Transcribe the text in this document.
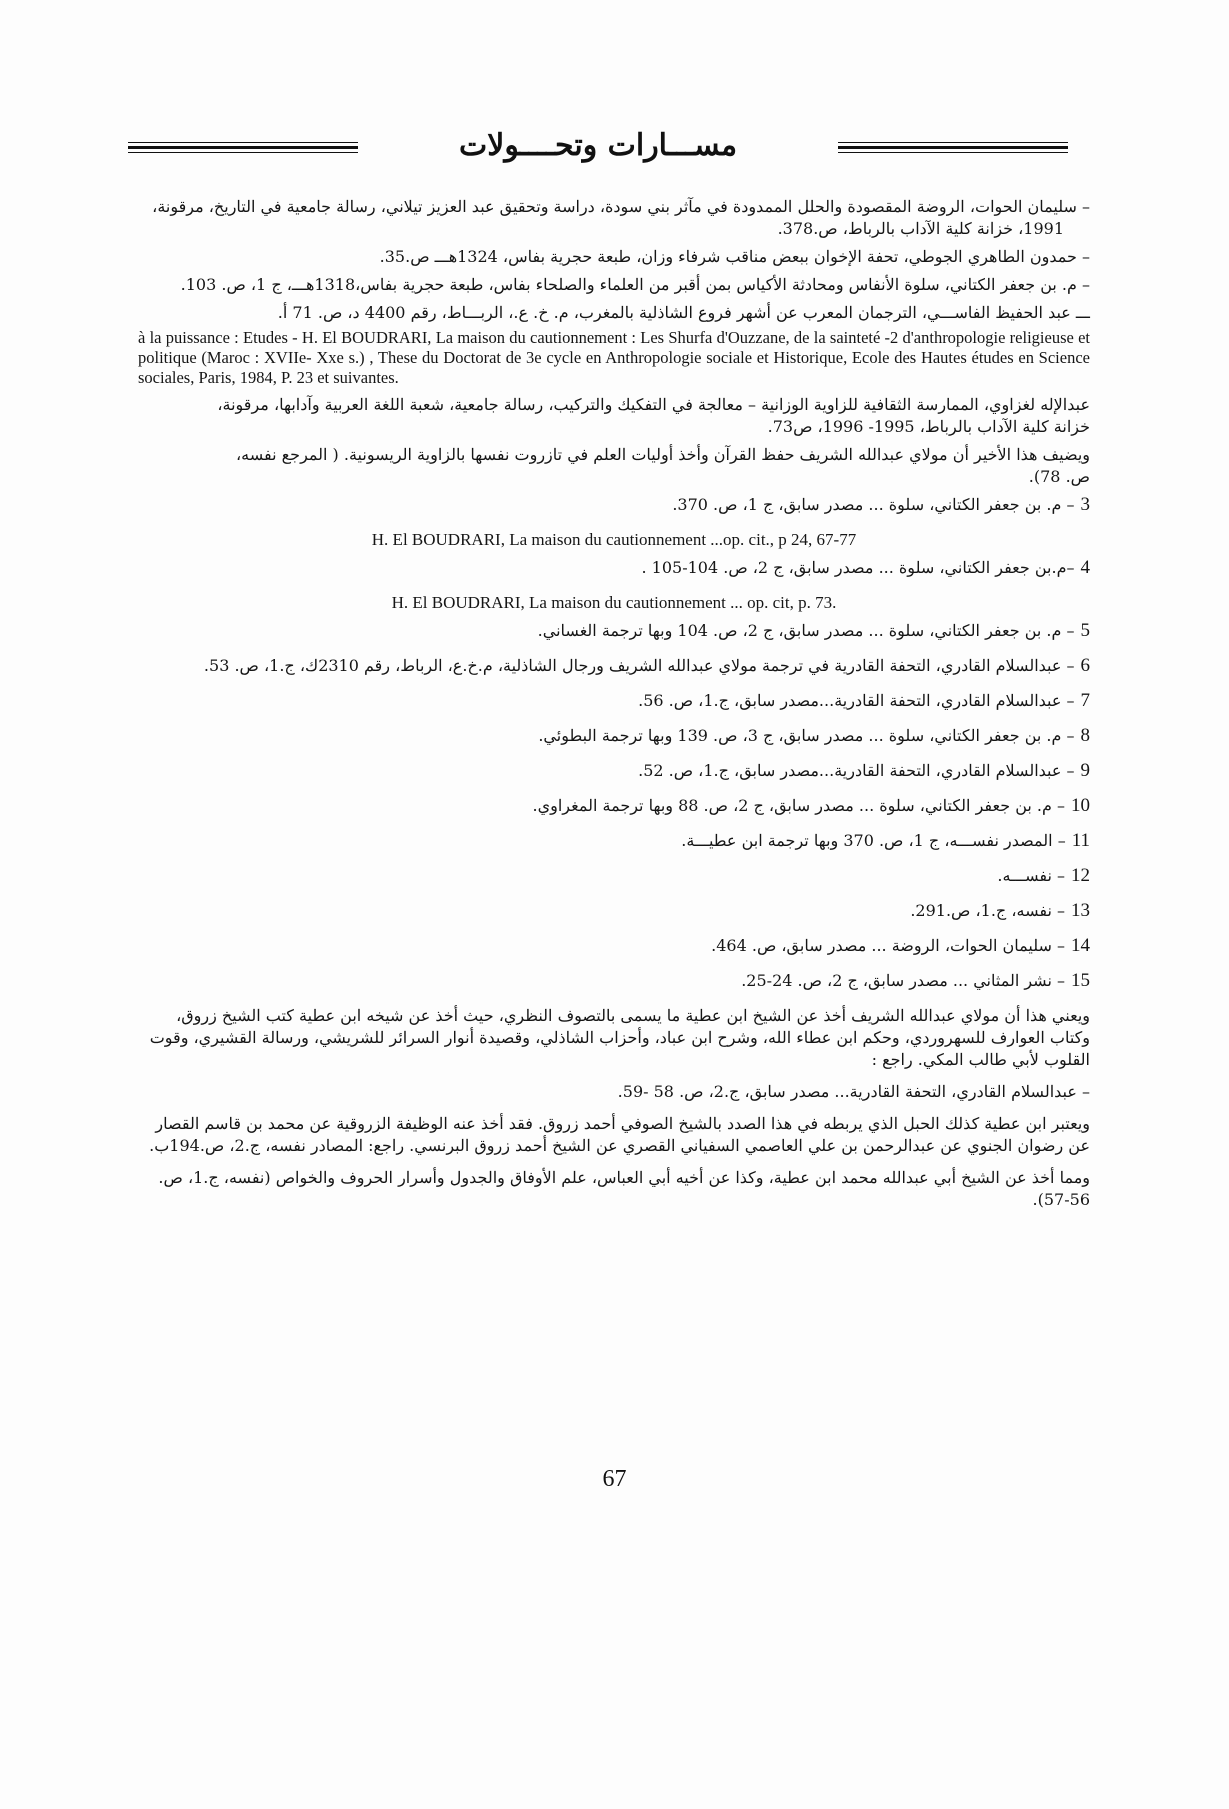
مســـارات وتحــــولات

– سليمان الحوات، الروضة المقصودة والحلل الممدودة في مآثر بني سودة، دراسة وتحقيق عبد العزيز تيلاني، رسالة جامعية في التاريخ، مرقونة،

1991، خزانة كلية الآداب بالرباط، ص.378.

– حمدون الطاهري الجوطي، تحفة الإخوان ببعض مناقب شرفاء وزان، طبعة حجرية بفاس، 1324هـــ ص.35.

– م. بن جعفر الكتاني، سلوة الأنفاس ومحادثة الأكياس بمن أقبر من العلماء والصلحاء بفاس، طبعة حجرية بفاس،1318هـــ، ج 1، ص. 103.

ـــ عبد الحفيظ الفاســـي، الترجمان المعرب عن أشهر فروع الشاذلية بالمغرب، م. خ. ع.، الربـــاط، رقم 4400 د، ص. 71 أ.

à la puissance : Etudes - H. El BOUDRARI, La maison du cautionnement : Les Shurfa d'Ouzzane, de la sainteté -2 d'anthropologie religieuse et politique (Maroc : XVIIe- Xxe s.) , These du Doctorat de 3e cycle en Anthropologie sociale et Historique, Ecole des Hautes études en Science sociales, Paris, 1984, P. 23 et suivantes.

عبدالإله لغزاوي، الممارسة الثقافية للزاوية الوزانية – معالجة في التفكيك والتركيب، رسالة جامعية، شعبة اللغة العربية وآدابها، مرقونة،

خزانة كلية الآداب بالرباط، 1995- 1996، ص73.

ويضيف هذا الأخير أن مولاي عبدالله الشريف حفظ القرآن وأخذ أوليات العلم في تازروت نفسها بالزاوية الريسونية. ( المرجع نفسه،

ص. 78).

3– م. بن جعفر الكتاني، سلوة ... مصدر سابق، ج 1، ص. 370.

H. El BOUDRARI, La maison du cautionnement ...op. cit., p 24, 67-77

4–م.بن جعفر الكتاني، سلوة ... مصدر سابق، ج 2، ص. 104-105 .

H. El BOUDRARI, La maison du cautionnement ... op. cit, p. 73.

5– م. بن جعفر الكتاني، سلوة ... مصدر سابق، ج 2، ص. 104 وبها ترجمة الغساني.

6– عبدالسلام القادري، التحفة القادرية في ترجمة مولاي عبدالله الشريف ورجال الشاذلية، م.خ.ع، الرباط، رقم 2310ك، ج.1، ص. 53.

7– عبدالسلام القادري، التحفة القادرية...مصدر سابق، ج.1، ص. 56.

8– م. بن جعفر الكتاني، سلوة ... مصدر سابق، ج 3، ص. 139 وبها ترجمة البطوئي.

9– عبدالسلام القادري، التحفة القادرية...مصدر سابق، ج.1، ص. 52.

10– م. بن جعفر الكتاني، سلوة ... مصدر سابق، ج 2، ص. 88 وبها ترجمة المغراوي.

11– المصدر نفســـه، ج 1، ص. 370 وبها ترجمة ابن عطيـــة.

12– نفســـه.

13– نفسه، ج.1، ص.291.

14– سليمان الحوات، الروضة ... مصدر سابق، ص. 464.

15– نشر المثاني ... مصدر سابق، ج 2، ص. 24-25.

ويعني هذا أن مولاي عبدالله الشريف أخذ عن الشيخ ابن عطية ما يسمى بالتصوف النظري، حيث أخذ عن شيخه ابن عطية كتب الشيخ زروق، وكتاب العوارف للسهروردي، وحكم ابن عطاء الله، وشرح ابن عباد، وأحزاب الشاذلي، وقصيدة أنوار السرائر للشريشي، ورسالة القشيري، وقوت القلوب لأبي طالب المكي. راجع :

– عبدالسلام القادري، التحفة القادرية... مصدر سابق، ج.2، ص. 58 -59.

ويعتبر ابن عطية كذلك الحبل الذي يربطه في هذا الصدد بالشيخ الصوفي أحمد زروق. فقد أخذ عنه الوظيفة الزروقية عن محمد بن قاسم القصار عن رضوان الجنوي عن عبدالرحمن بن علي العاصمي السفياني القصري عن الشيخ أحمد زروق البرنسي. راجع: المصادر نفسه، ج.2، ص.194ب.

ومما أخذ عن الشيخ أبي عبدالله محمد ابن عطية، وكذا عن أخيه أبي العباس، علم الأوفاق والجدول وأسرار الحروف والخواص (نفسه، ج.1، ص. 56-57).

67
